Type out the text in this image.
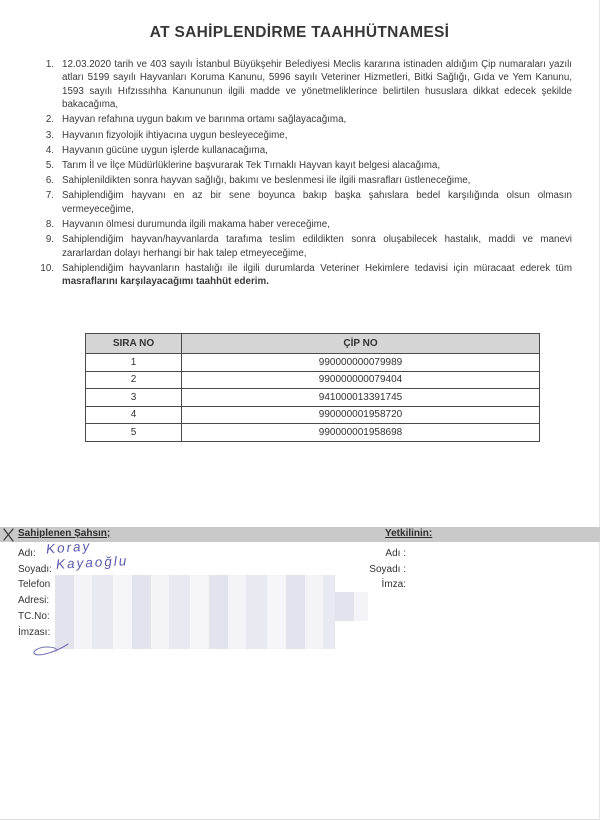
AT SAHİPLENDİRME TAAHHÜTNAMESİ
1. 12.03.2020 tarih ve 403 sayılı İstanbul Büyükşehir Belediyesi Meclis kararına istinaden aldığım Çip numaraları yazılı atları 5199 sayılı Hayvanları Koruma Kanunu, 5996 sayılı Veteriner Hizmetleri, Bitki Sağlığı, Gıda ve Yem Kanunu, 1593 sayılı Hıfzıssıhha Kanununun ilgili madde ve yönetmeliklerince belirtilen hususlara dikkat edecek şekilde bakacağıma,
2. Hayvan refahına uygun bakım ve barınma ortamı sağlayacağıma,
3. Hayvanın fizyolojik ihtiyacına uygun besleyeceğime,
4. Hayvanın gücüne uygun işlerde kullanacağıma,
5. Tarım İl ve İlçe Müdürlüklerine başvurarak Tek Tırnaklı Hayvan kayıt belgesi alacağıma,
6. Sahiplenildikten sonra hayvan sağlığı, bakımı ve beslenmesi ile ilgili masrafları üstleneceğime,
7. Sahiplendiğim hayvanı en az bir sene boyunca bakıp başka şahıslara bedel karşılığında olsun olmasın vermeyeceğime,
8. Hayvanın ölmesi durumunda ilgili makama haber vereceğime,
9. Sahiplendiğim hayvan/hayvanlarda tarafıma teslim edildikten sonra oluşabilecek hastalık, maddi ve manevi zararlardan dolayı herhangi bir hak talep etmeyeceğime,
10. Sahiplendiğim hayvanların hastalığı ile ilgili durumlarda Veteriner Hekimlere tedavisi için müracaat ederek tüm masraflarını karşılayacağımı taahhüt ederim.
SIRA NO	ÇİP NO
1	990000000079989
2	990000000079404
3	941000013391745
4	990000001958720
5	990000001958698
Sahiplenen Şahsın;	Yetkilinin:
Adı:
Soyadı:
Telefon
Adresi:
TC.No:
İmzası:
Adı :
Soyadı :
İmza:
Koray
Kayaoğlu
